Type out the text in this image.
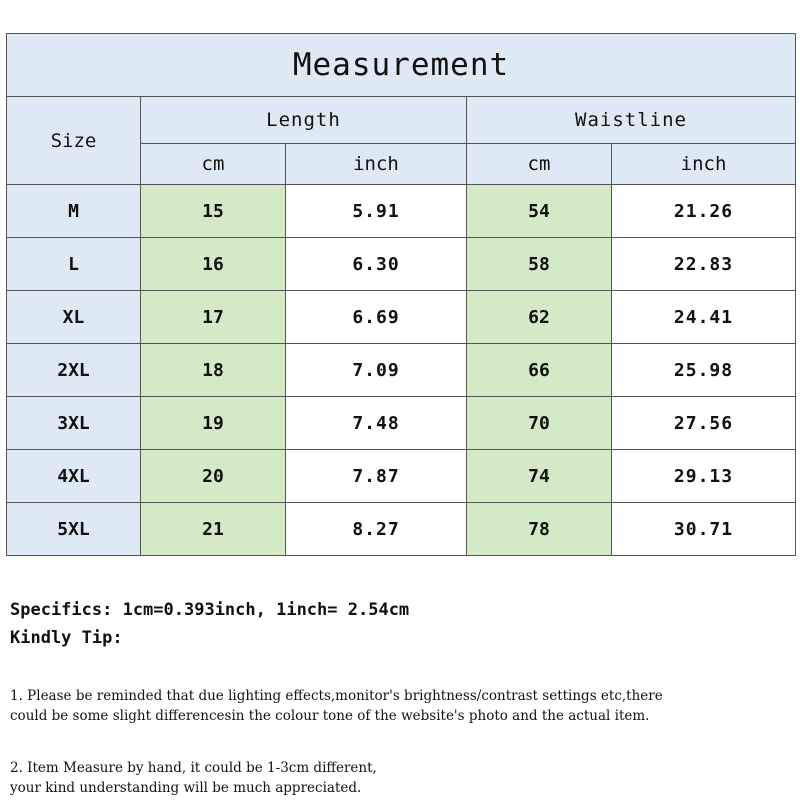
Measurement				
Size	Length		Waistline	
	cm	inch	cm	inch
M	15	5.91	54	21.26
L	16	6.30	58	22.83
XL	17	6.69	62	24.41
2XL	18	7.09	66	25.98
3XL	19	7.48	70	27.56
4XL	20	7.87	74	29.13
5XL	21	8.27	78	30.71

Specifics: 1cm=0.393inch, 1inch= 2.54cm

Kindly Tip:

1. Please be reminded that due lighting effects,monitor's brightness/contrast settings etc,there

could be some slight differencesin the colour tone of the website's photo and the actual item.

2. Item Measure by hand, it could be 1-3cm different,

your kind understanding will be much appreciated.
